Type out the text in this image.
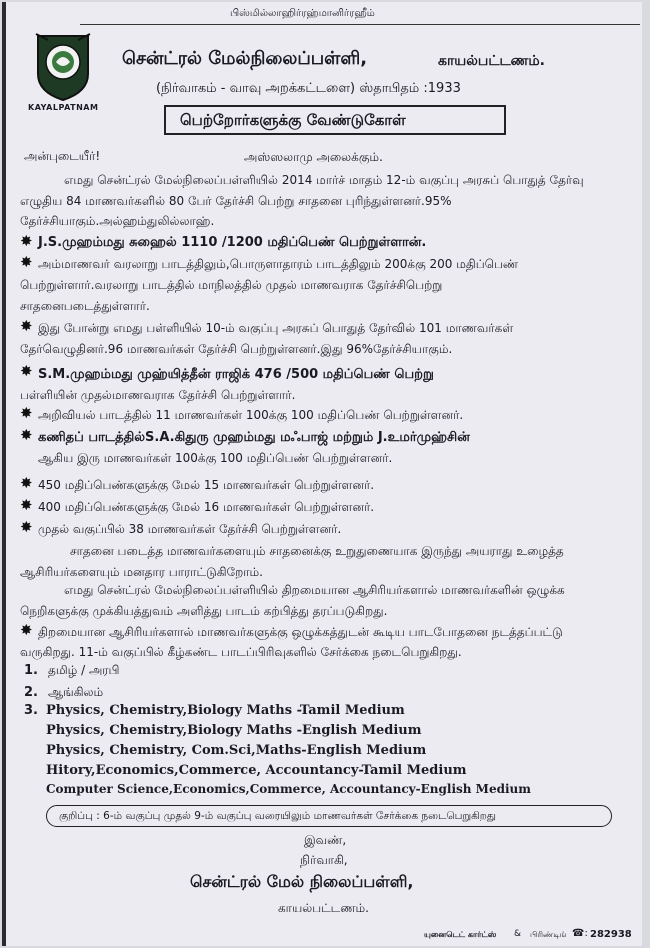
பிஸ்மில்லாஹிர்ரஹ்மானிர்ரஹீம்
KAYALPATNAM
சென்ட்ரல் மேல்நிலைப்பள்ளி,	காயல்பட்டணம்.
(நிர்வாகம் - வாவு அறக்கட்டளை) ஸ்தாபிதம் :1933
பெற்றோர்களுக்கு வேண்டுகோள்
அன்புடையீர்!	அஸ்ஸலாமு அலைக்கும்.
எமது சென்ட்ரல் மேல்நிலைப்பள்ளியில் 2014 மார்ச் மாதம் 12-ம் வகுப்பு அரசுப் பொதுத் தேர்வு
எழுதிய 84 மாணவர்களில் 80 பேர் தேர்ச்சி பெற்று சாதனை புரிந்துள்ளனர்.95%
தேர்ச்சியாகும்.அல்ஹம்துலில்லாஹ்.
✸ J.S.முஹம்மது சுஹைல் 1110 /1200 மதிப்பெண் பெற்றுள்ளான்.
✸ அம்மாணவர் வரலாறு பாடத்திலும்,பொருளாதாரம் பாடத்திலும் 200க்கு 200 மதிப்பெண்
பெற்றுள்ளார்.வரலாறு பாடத்தில் மாநிலத்தில் முதல் மாணவராக தேர்ச்சிபெற்று
சாதனைபடைத்துள்ளார்.
✸ இது போன்று எமது பள்ளியில் 10-ம் வகுப்பு அரசுப் பொதுத் தேர்வில் 101 மாணவர்கள்
தேர்வெழுதினர்.96 மாணவர்கள் தேர்ச்சி பெற்றுள்ளனர்.இது 96%தேர்ச்சியாகும்.
✸ S.M.முஹம்மது முஹ்யித்தீன் ராஜிக் 476 /500 மதிப்பெண் பெற்று
பள்ளியின் முதல்மாணவராக தேர்ச்சி பெற்றுள்ளார்.
✸ அறிவியல் பாடத்தில் 11 மாணவர்கள் 100க்கு 100 மதிப்பெண் பெற்றுள்ளனர்.
✸ கணிதப் பாடத்தில்S.A.கிதுரு முஹம்மது மஃபாஜ் மற்றும் J.உமர்முஹ்சின்
ஆகிய இரு மாணவர்கள் 100க்கு 100 மதிப்பெண் பெற்றுள்ளனர்.
✸ 450 மதிப்பெண்களுக்கு மேல் 15 மாணவர்கள் பெற்றுள்ளனர்.
✸ 400 மதிப்பெண்களுக்கு மேல் 16 மாணவர்கள் பெற்றுள்ளனர்.
✸ முதல் வகுப்பில் 38 மாணவர்கள் தேர்ச்சி பெற்றுள்ளனர்.
சாதனை படைத்த மாணவர்களையும் சாதனைக்கு உறுதுணையாக இருந்து அயராது உழைத்த
ஆசிரியர்களையும் மனதார பாராட்டுகிறோம்.
எமது சென்ட்ரல் மேல்நிலைப்பள்ளியில் திறமையான ஆசிரியர்களால் மாணவர்களின் ஒழுக்க
நெறிகளுக்கு முக்கியத்துவம் அளித்து பாடம் கற்பித்து தரப்படுகிறது.
✸ திறமையான ஆசிரியர்களால் மாணவர்களுக்கு ஒழுக்கத்துடன் கூடிய பாடபோதனை நடத்தப்பட்டு
வருகிறது. 11-ம் வகுப்பில் கீழ்கண்ட பாடப்பிரிவுகளில் சேர்க்கை நடைபெறுகிறது.
1. தமிழ் / அரபி
2. ஆங்கிலம்
3. Physics, Chemistry,Biology Maths -Tamil Medium
Physics, Chemistry,Biology Maths -English Medium
Physics, Chemistry, Com.Sci,Maths-English Medium
Hitory,Economics,Commerce, Accountancy-Tamil Medium
Computer Science,Economics,Commerce, Accountancy-English Medium
குறிப்பு : 6-ம் வகுப்பு முதல் 9-ம் வகுப்பு வரையிலும் மாணவர்கள் சேர்க்கை நடைபெறுகிறது
இவண்,
நிர்வாகி,
சென்ட்ரல் மேல் நிலைப்பள்ளி,
காயல்பட்டணம்.
யுனைடெட் கார்ட்ஸ் & பிரிண்டிங் ☎: 282938
